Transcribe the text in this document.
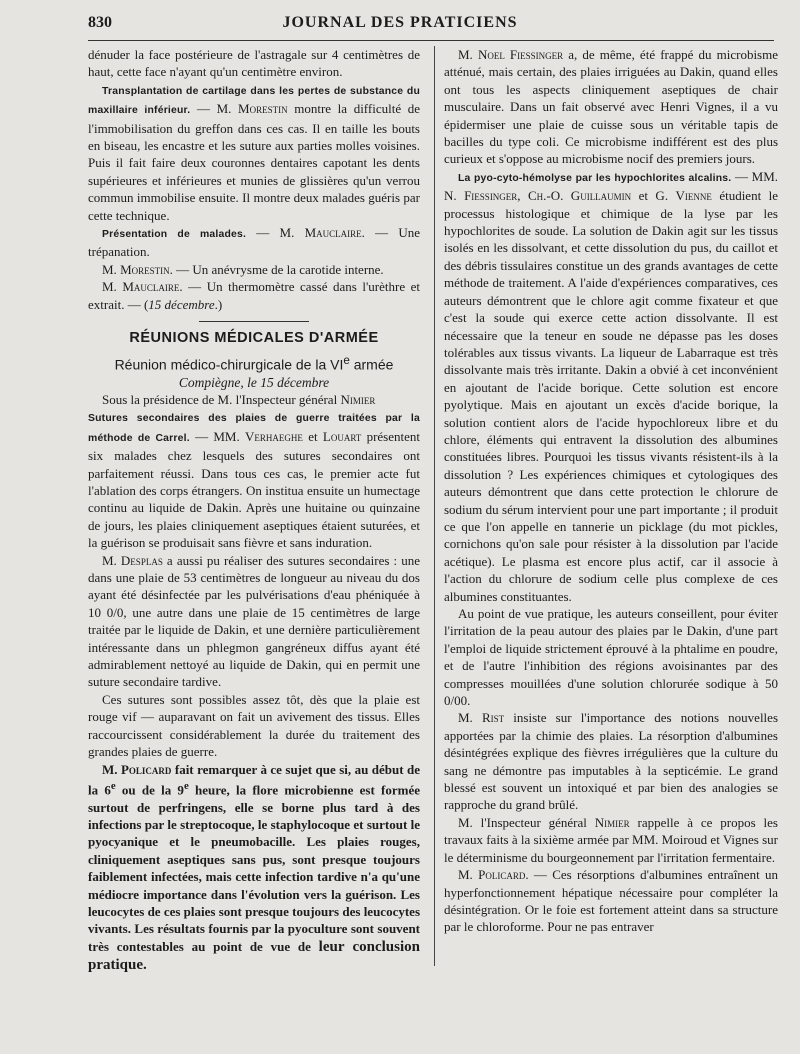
830	JOURNAL DES PRATICIENS

dénuder la face postérieure de l'astragale sur 4 centimètres de haut, cette face n'ayant qu'un centimètre environ.

Transplantation de cartilage dans les pertes de substance du maxillaire inférieur. — M. Morestin montre la difficulté de l'immobilisation du greffon dans ces cas. Il en taille les bouts en biseau, les encastre et les suture aux parties molles voisines. Puis il fait faire deux couronnes dentaires capotant les dents supérieures et inférieures et munies de glissières qu'un verrou commun immobilise ensuite. Il montre deux malades guéris par cette technique.

Présentation de malades. — M. Mauclaire. — Une trépanation.

M. Morestin. — Un anévrysme de la carotide interne.

M. Mauclaire. — Un thermomètre cassé dans l'urèthre et extrait. — (15 décembre.)

RÉUNIONS MÉDICALES D'ARMÉE
Réunion médico-chirurgicale de la VIe armée
Compiègne, le 15 décembre

Sous la présidence de M. l'Inspecteur général Nimier

Sutures secondaires des plaies de guerre traitées par la méthode de Carrel. — MM. Verhaeghe et Louart présentent six malades chez lesquels des sutures secondaires ont parfaitement réussi. Dans tous ces cas, le premier acte fut l'ablation des corps étrangers. On institua ensuite un humectage continu au liquide de Dakin. Après une huitaine ou quinzaine de jours, les plaies cliniquement aseptiques étaient suturées, et la guérison se produisait sans fièvre et sans induration.

M. Desplas a aussi pu réaliser des sutures secondaires : une dans une plaie de 53 centimètres de longueur au niveau du dos ayant été désinfectée par les pulvérisations d'eau phéniquée à 10 0/0, une autre dans une plaie de 15 centimètres de large traitée par le liquide de Dakin, et une dernière particulièrement intéressante dans un phlegmon gangréneux diffus ayant été admirablement nettoyé au liquide de Dakin, qui en permit une suture secondaire tardive.

Ces sutures sont possibles assez tôt, dès que la plaie est rouge vif — auparavant on fait un avivement des tissus. Elles raccourcissent considérablement la durée du traitement des grandes plaies de guerre.

M. Policard fait remarquer à ce sujet que si, au début de la 6e ou de la 9e heure, la flore microbienne est formée surtout de perfringens, elle se borne plus tard à des infections par le streptocoque, le staphylocoque et surtout le pyocyanique et le pneumobacille. Les plaies rouges, cliniquement aseptiques sans pus, sont presque toujours faiblement infectées, mais cette infection tardive n'a qu'une médiocre importance dans l'évolution vers la guérison. Les leucocytes de ces plaies sont presque toujours des leucocytes vivants. Les résultats fournis par la pyoculture sont souvent très contestables au point de vue de leur conclusion pratique.

M. Noel Fiessinger a, de même, été frappé du microbisme atténué, mais certain, des plaies irriguées au Dakin, quand elles ont tous les aspects cliniquement aseptiques de chair musculaire. Dans un fait observé avec Henri Vignes, il a vu épidermiser une plaie de cuisse sous un véritable tapis de bacilles du type coli. Ce microbisme indifférent est des plus curieux et s'oppose au microbisme nocif des premiers jours.

La pyo-cyto-hémolyse par les hypochlorites alcalins. — MM. N. Fiessinger, Ch.-O. Guillaumin et G. Vienne étudient le processus histologique et chimique de la lyse par les hypochlorites de soude. La solution de Dakin agit sur les tissus isolés en les dissolvant, et cette dissolution du pus, du caillot et des débris tissulaires constitue un des grands avantages de cette méthode de traitement. A l'aide d'expériences comparatives, ces auteurs démontrent que le chlore agit comme fixateur et que c'est la soude qui exerce cette action dissolvante. Il est nécessaire que la teneur en soude ne dépasse pas les doses tolérables aux tissus vivants. La liqueur de Labarraque est très dissolvante mais très irritante. Dakin a obvié à cet inconvénient en ajoutant de l'acide borique. Cette solution est encore pyolytique. Mais en ajoutant un excès d'acide borique, la solution contient alors de l'acide hypochloreux libre et du chlore, éléments qui entravent la dissolution des albumines constituées libres. Pourquoi les tissus vivants résistent-ils à la dissolution ? Les expériences chimiques et cytologiques des auteurs démontrent que dans cette protection le chlorure de sodium du sérum intervient pour une part importante ; il produit ce que l'on appelle en tannerie un picklage (du mot pickles, cornichons qu'on sale pour résister à la dissolution par l'acide acétique). Le plasma est encore plus actif, car il associe à l'action du chlorure de sodium celle plus complexe de ces albumines constituantes.

Au point de vue pratique, les auteurs conseillent, pour éviter l'irritation de la peau autour des plaies par le Dakin, d'une part l'emploi de liquide strictement éprouvé à la phtalime en poudre, et de l'autre l'inhibition des régions avoisinantes par des compresses mouillées d'une solution chlorurée sodique à 50 0/00.

M. Rist insiste sur l'importance des notions nouvelles apportées par la chimie des plaies. La résorption d'albumines désintégrées explique des fièvres irrégulières que la culture du sang ne démontre pas imputables à la septicémie. Le grand blessé est souvent un intoxiqué et par bien des analogies se rapproche du grand brûlé.

M. l'Inspecteur général Nimier rappelle à ce propos les travaux faits à la sixième armée par MM. Moiroud et Vignes sur le déterminisme du bourgeonnement par l'irritation fermentaire.

M. Policard. — Ces résorptions d'albumines entraînent un hyperfonctionnement hépatique nécessaire pour compléter la désintégration. Or le foie est fortement atteint dans sa structure par le chloroforme. Pour ne pas entraver
